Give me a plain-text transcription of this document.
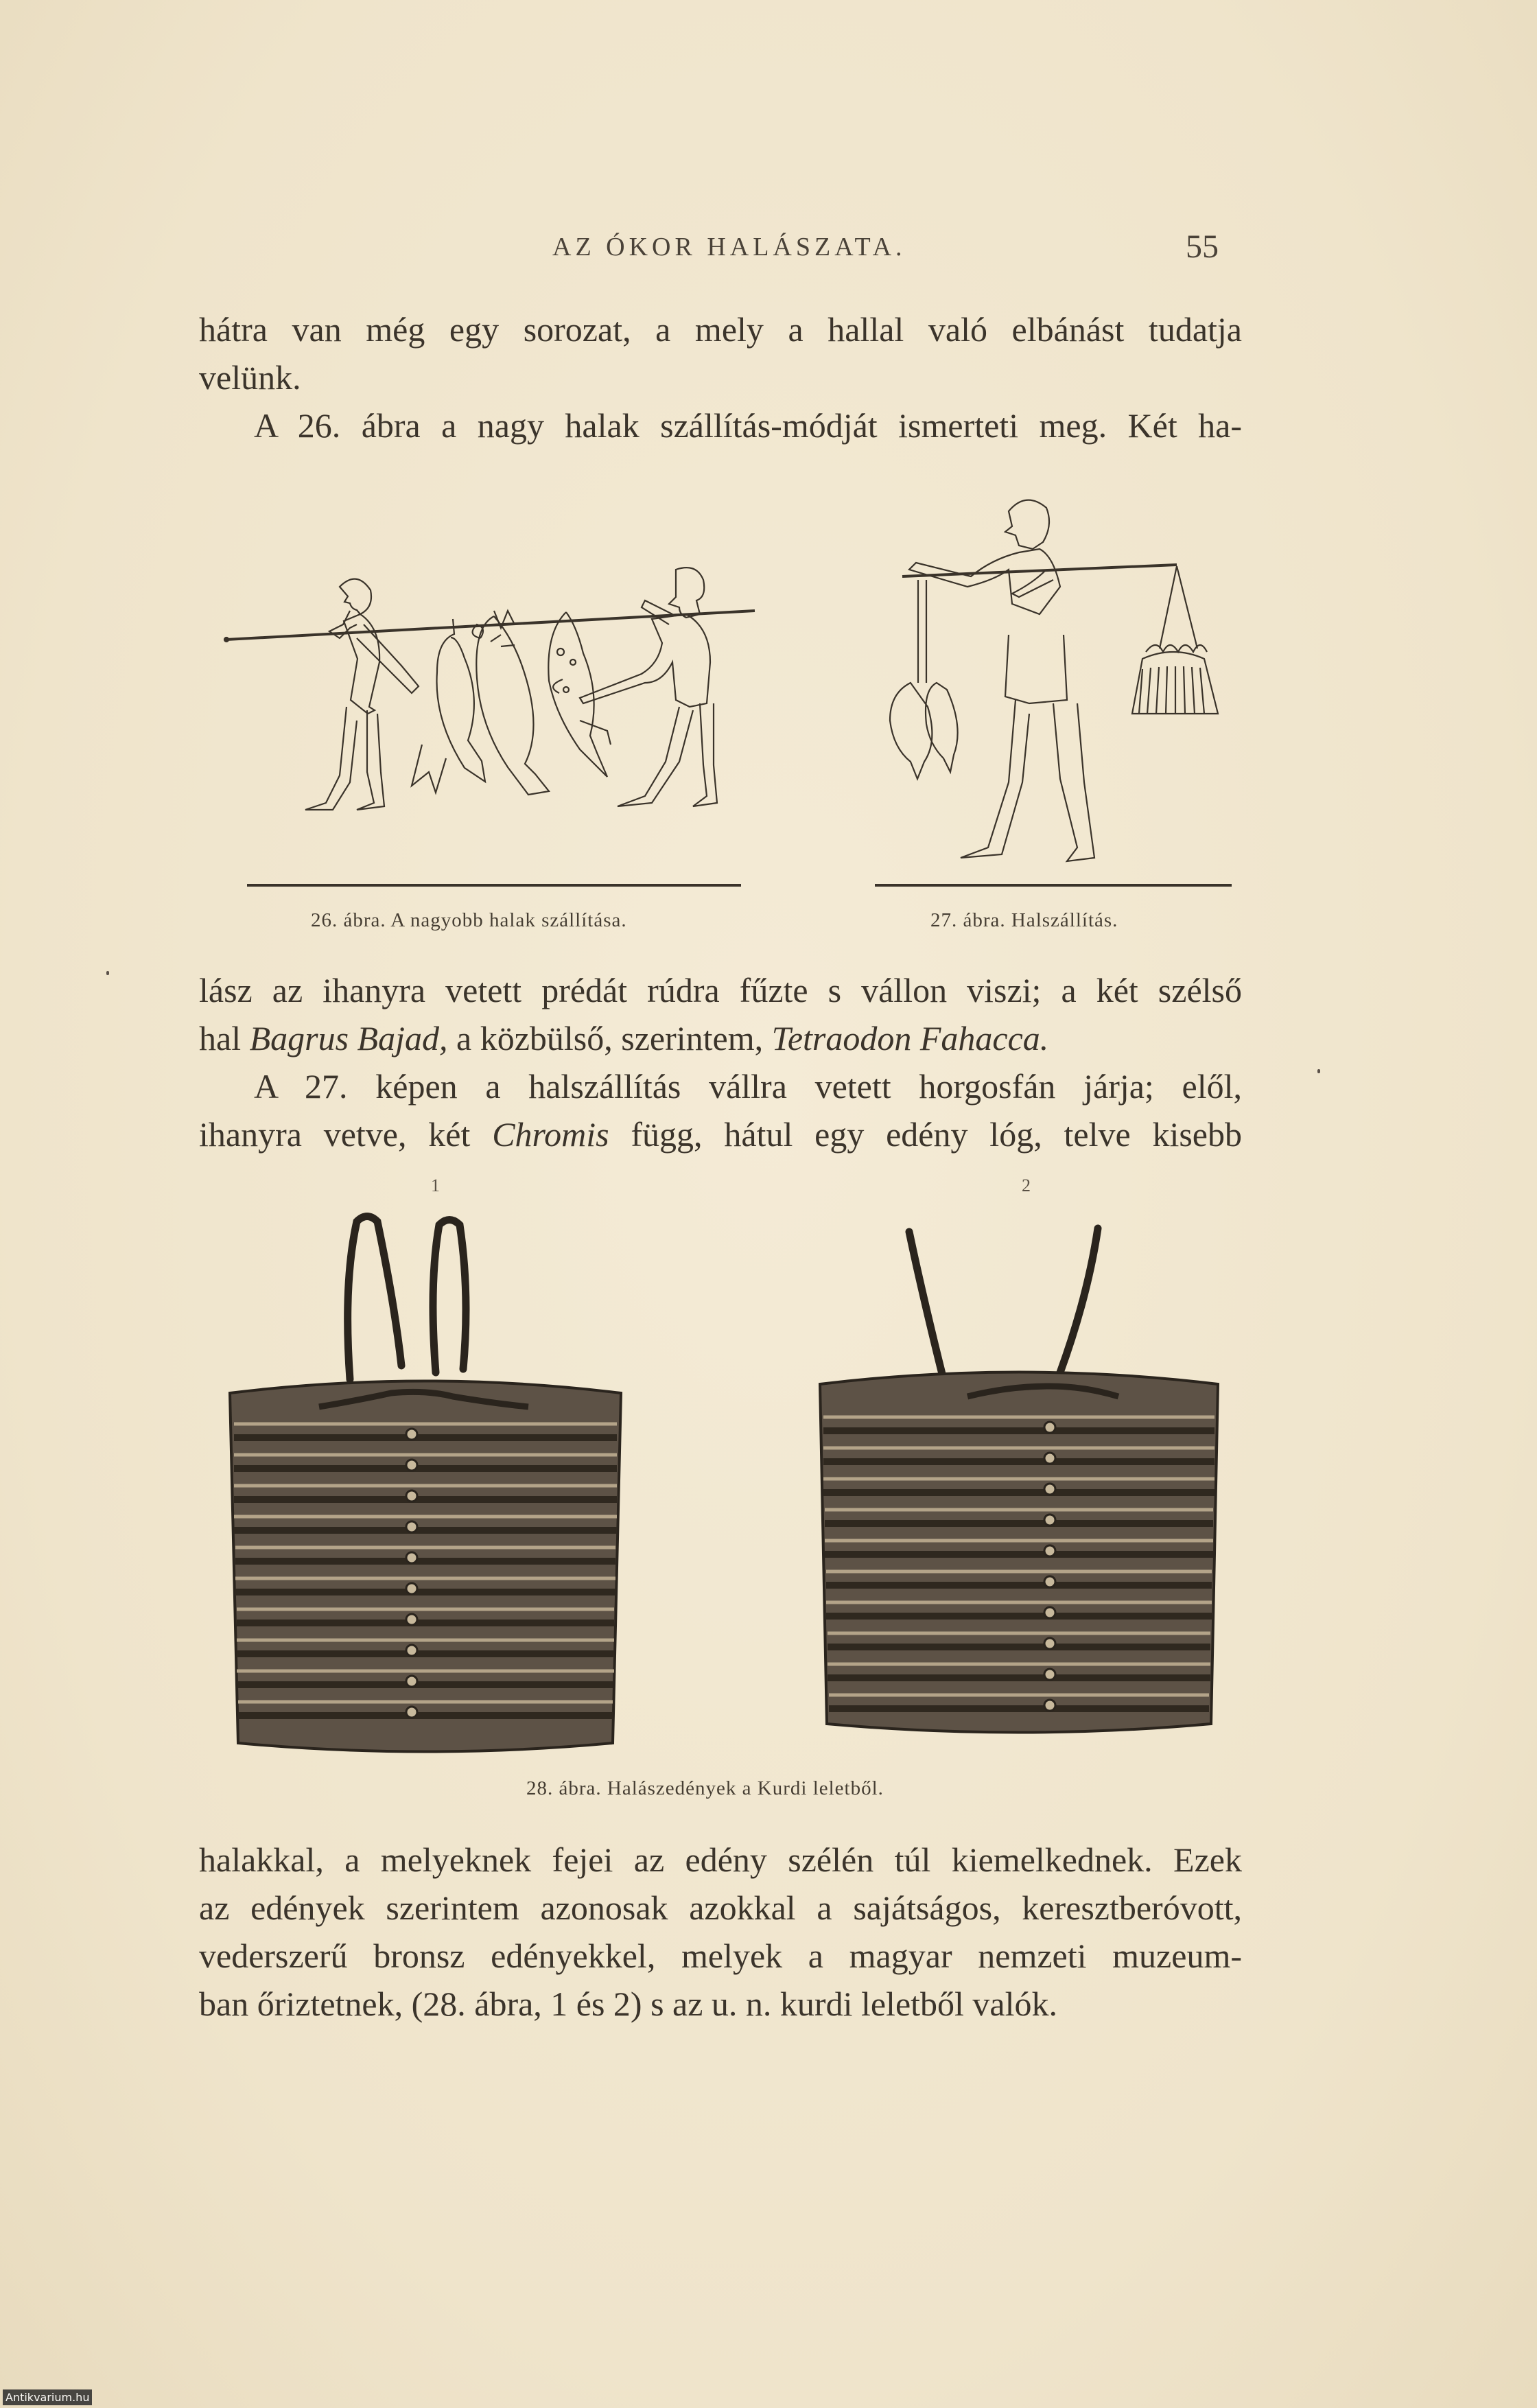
AZ ÓKOR HALÁSZATA.	55
hátra van még egy sorozat, a mely a hallal való elbánást tudatja
velünk.
A 26. ábra a nagy halak szállítás-módját ismerteti meg. Két ha-
26. ábra. A nagyobb halak szállítása.	27. ábra. Halszállítás.
lász az ihanyra vetett prédát rúdra fűzte s vállon viszi; a két szélső
hal Bagrus Bajad, a közbülső, szerintem, Tetraodon Fahacca.
A 27. képen a halszállítás vállra vetett horgosfán járja; elől,
ihanyra vetve, két Chromis függ, hátul egy edény lóg, telve kisebb
1	2
28. ábra. Halászedények a Kurdi leletből.
halakkal, a melyeknek fejei az edény szélén túl kiemelkednek. Ezek
az edények szerintem azonosak azokkal a sajátságos, keresztberóvott,
vederszerű bronsz edényekkel, melyek a magyar nemzeti muzeum-
ban őriztetnek, (28. ábra, 1 és 2) s az u. n. kurdi leletből valók.
Antikvarium.hu
